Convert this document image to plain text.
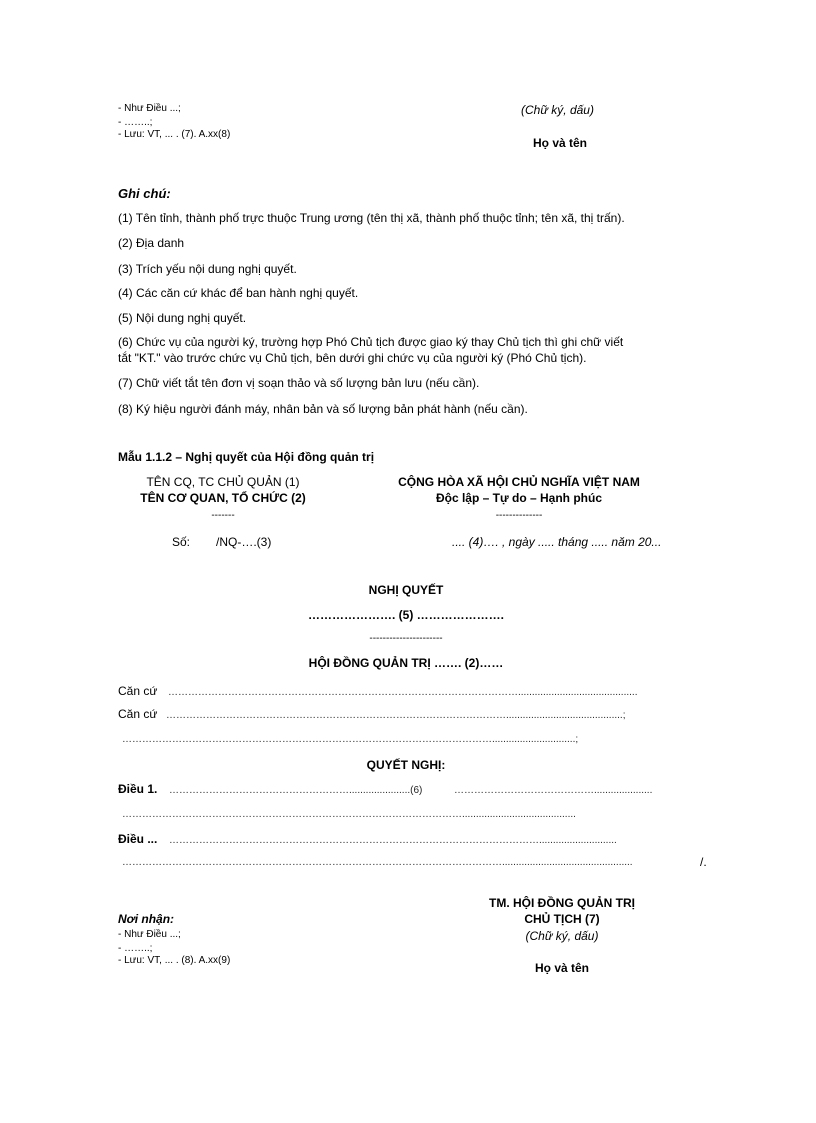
- Như Điều ...;
- ……..;
- Lưu: VT, ... . (7). A.xx(8)
(Chữ ký, dấu)
Họ và tên
Ghi chú:
(1) Tên tỉnh, thành phố trực thuộc Trung ương (tên thị xã, thành phố thuộc tỉnh; tên xã, thị trấn).
(2) Địa danh
(3) Trích yếu nội dung nghị quyết.
(4) Các căn cứ khác để ban hành nghị quyết.
(5) Nội dung nghị quyết.
(6) Chức vụ của người ký, trường hợp Phó Chủ tịch được giao ký thay Chủ tịch thì ghi chữ viết
tắt "KT." vào trước chức vụ Chủ tịch, bên dưới ghi chức vụ của người ký (Phó Chủ tịch).
(7) Chữ viết tắt tên đơn vị soạn thảo và số lượng bản lưu (nếu cần).
(8) Ký hiệu người đánh máy, nhân bản và số lượng bản phát hành (nếu cần).
Mẫu 1.1.2 – Nghị quyết của Hội đồng quản trị
TÊN CQ, TC CHỦ QUẢN (1)
TÊN CƠ QUAN, TỔ CHỨC (2)
-------
CỘNG HÒA XÃ HỘI CHỦ NGHĨA VIỆT NAM
Độc lập – Tự do – Hạnh phúc
--------------
Số: /NQ-….(3)	.... (4)…. , ngày ..... tháng ..... năm 20...
NGHỊ QUYẾT
…………………. (5) ………………….
----------------------
HỘI ĐỒNG QUẢN TRỊ ……. (2)……
Căn cứ ……………………………………………………………………………………………...........................................
Căn cứ …………………………………………………………………………………………..........................................;
…………………………………………………………………………………………………..............................;
QUYẾT NGHỊ:
Điều 1. ………………………………………………......................(6)	…………………………………….....................
………………………………………………………………………………………….........................................
Điều ... …………………………………………………………………………………………………............................
……………………………………………………………………………………………………...............................................	/.
Nơi nhận:
- Như Điều ...;
- ……..;
- Lưu: VT, ... . (8). A.xx(9)
TM. HỘI ĐỒNG QUẢN TRỊ
CHỦ TỊCH (7)
(Chữ ký, dấu)
Họ và tên
